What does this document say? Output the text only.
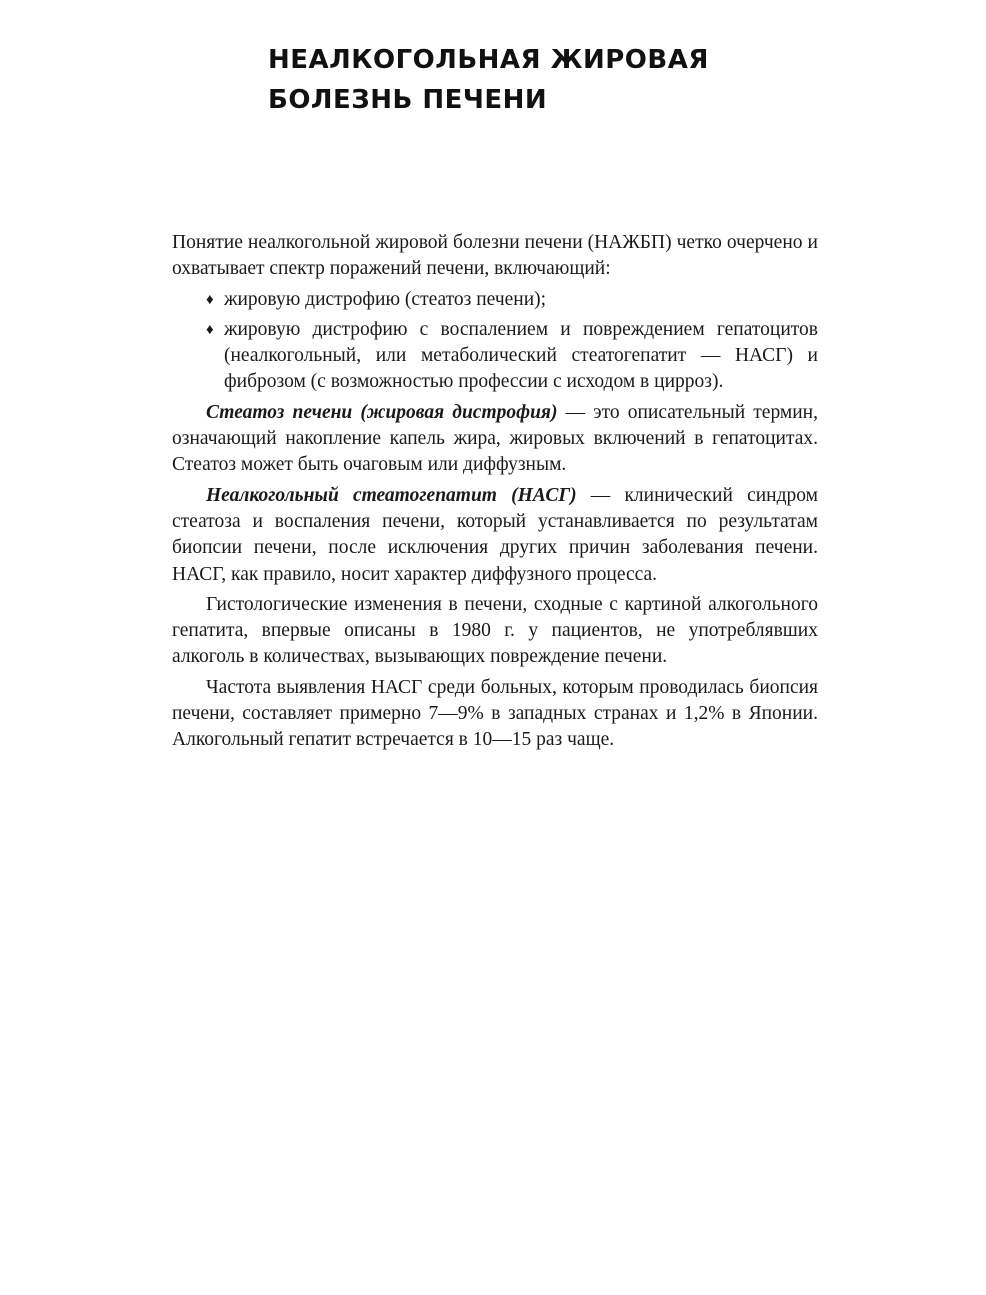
НЕАЛКОГОЛЬНАЯ ЖИРОВАЯ
БОЛЕЗНЬ ПЕЧЕНИ

Понятие неалкогольной жировой болезни печени (НАЖБП) четко очерчено и охватывает спектр поражений печени, включающий:

♦ жировую дистрофию (стеатоз печени);
♦ жировую дистрофию с воспалением и повреждением гепатоцитов (неалкогольный, или метаболический стеатогепатит — НАСГ) и фиброзом (с возможностью профессии с исходом в цирроз).

Стеатоз печени (жировая дистрофия) — это описательный термин, означающий накопление капель жира, жировых включений в гепатоцитах. Стеатоз может быть очаговым или диффузным.

Неалкогольный стеатогепатит (НАСГ) — клинический синдром стеатоза и воспаления печени, который устанавливается по результатам биопсии печени, после исключения других причин заболевания печени. НАСГ, как правило, носит характер диффузного процесса.

Гистологические изменения в печени, сходные с картиной алкогольного гепатита, впервые описаны в 1980 г. у пациентов, не употреблявших алкоголь в количествах, вызывающих повреждение печени.

Частота выявления НАСГ среди больных, которым проводилась биопсия печени, составляет примерно 7—9% в западных странах и 1,2% в Японии. Алкогольный гепатит встречается в 10—15 раз чаще.
